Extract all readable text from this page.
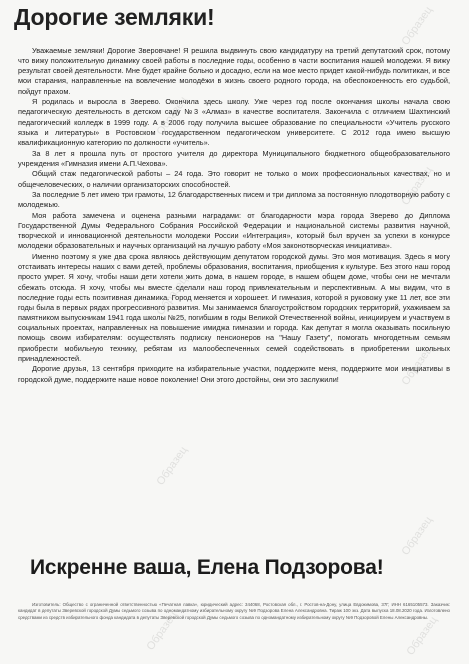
Образец
Образец
Образец
Образец
Образец
Образец
Образец
Образец	Образец
Дорогие земляки!

Уважаемые земляки! Дорогие Зверовчане! Я решила выдвинуть свою кандидатуру на третий депутатский срок, потому что вижу положительную динамику своей работы в последние годы, особенно в части воспитания нашей молодежи. Я вижу результат своей деятельности. Мне будет крайне больно и досадно, если на мое место придет какой-нибудь политикан, и все мои старания, направленные на вовлечение молодёжи в жизнь своего родного города, на обеспокоенность его судьбой, пойдут прахом.

Я родилась и выросла в Зверево. Окончила здесь школу. Уже через год после окончания школы начала свою педагогическую деятельность в детском саду №3 «Алмаз» в качестве воспитателя. Закончила с отличием Шахтинский педагогический колледж в 1999 году. А в 2006 году получила высшее образование по специальности «Учитель русского языка и литературы» в Ростовском государственном педагогическом университете. С 2012 года имею высшую квалификационную категорию по должности «учитель».

За 8 лет я прошла путь от простого учителя до директора Муниципального бюджетного общеобразовательного учреждения «Гимназия имени А.П.Чехова».

Общий стаж педагогической работы – 24 года. Это говорит не только о моих профессиональных качествах, но и общечеловеческих, о наличии организаторских способностей.

За последние 5 лет имею три грамоты, 12 благодарственных писем и три диплома за постоянную плодотворную работу с молодежью.

Моя работа замечена и оценена разными наградами: от благодарности мэра города Зверево до Диплома Государственной Думы Федерального Собрания Российской Федерации и национальной системы развития научной, творческой и инновационной деятельности молодежи России «Интеграция», который был вручен за успехи в конкурсе молодежи образовательных и научных организаций на лучшую работу «Моя законотворческая инициатива».

Именно поэтому я уже два срока являюсь действующим депутатом городской думы. Это моя мотивация. Здесь я могу отстаивать интересы наших с вами детей, проблемы образования, воспитания, приобщения к культуре. Без этого наш город просто умрет. Я хочу, чтобы наши дети хотели жить дома, в нашем городе, в нашем общем доме, чтобы они не мечтали сбежать отсюда. Я хочу, чтобы мы вместе сделали наш город привлекательным и перспективным. А мы видим, что в последние годы есть позитивная динамика. Город меняется и хорошеет. И гимназия, которой я руковожу уже 11 лет, все эти годы была в первых рядах прогрессивного развития. Мы занимаемся благоустройством городских территорий, ухаживаем за памятником выпускникам 1941 года школы №25, погибшим в годы Великой Отечественной войны, инициируем и участвуем в социальных проектах, направленных на повышение имиджа гимназии и города. Как депутат я могла оказывать посильную помощь своим избирателям: осуществлять подписку пенсионеров на "Нашу Газету", помогать многодетным семьям приобрести мобильную технику, ребятам из малообеспеченных семей содействовать в приобретении школьных принадлежностей.

Дорогие друзья, 13 сентября приходите на избирательные участки, поддержите меня, поддержите мои инициативы в городской думе, поддержите наше новое поколение! Они этого достойны, они это заслужили!

Искренне ваша, Елена Подзорова!

Изготовитель: Общество с ограниченной ответственностью «Печатная лавка», юридический адрес: 344068, Ростовская обл., г. Ростов-на-Дону, улица Евдокимова, 37Г, ИНН 6165105573. Заказчик: кандидат в депутаты Зверевской городской Думы седьмого созыва по одномандатному избирательному округу №9 Подзорова Елена Александровна. Тираж 100 экз. Дата выпуска 18.08.2020 года. Изготовлено средствами из средств избирательного фонда кандидата в депутаты Зверевской городской Думы седьмого созыва по одномандатному избирательному округу №9 Подзоровой Елены Александровны.
